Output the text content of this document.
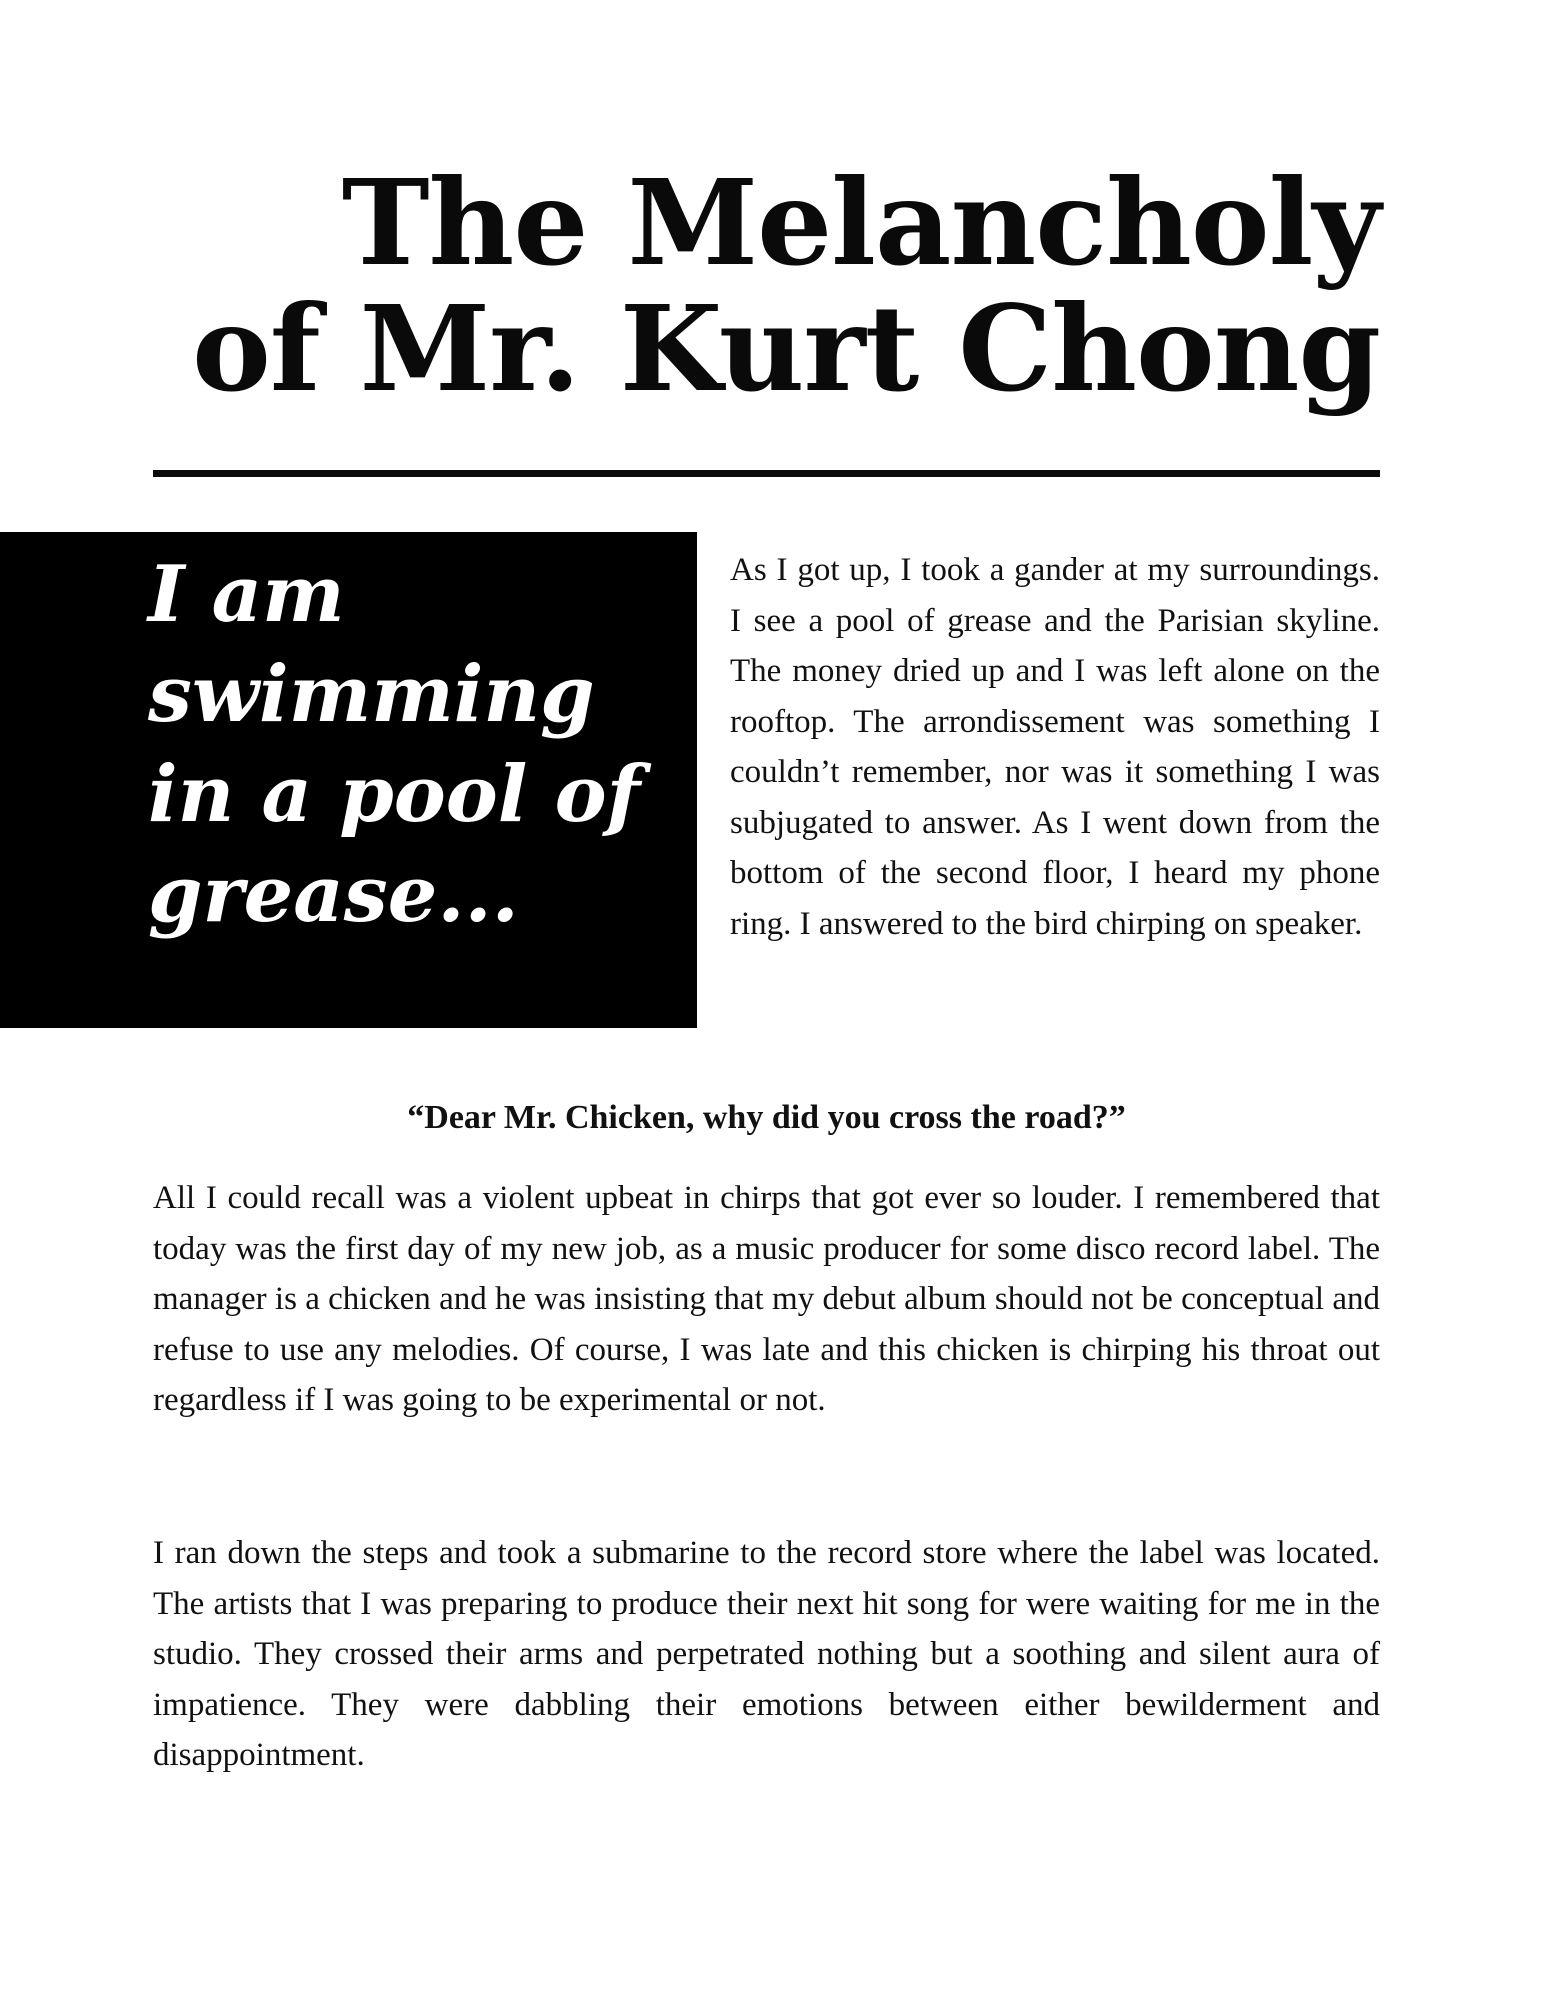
The Melancholy
of Mr. Kurt Chong

I am
swimming
in a pool of
grease...

As I got up, I took a gander at my surroundings. I see a pool of grease and the Parisian skyline. The money dried up and I was left alone on the rooftop. The arrondissement was something I couldn’t remember, nor was it something I was subjugated to answer. As I went down from the bottom of the second floor, I heard my phone ring. I answered to the bird chirping on speaker.

“Dear Mr. Chicken, why did you cross the road?”

All I could recall was a violent upbeat in chirps that got ever so louder. I remembered that today was the first day of my new job, as a music producer for some disco record label. The manager is a chicken and he was insisting that my debut album should not be conceptual and refuse to use any melodies. Of course, I was late and this chicken is chirping his throat out regardless if I was going to be experimental or not.

I ran down the steps and took a submarine to the record store where the label was located. The artists that I was preparing to produce their next hit song for were waiting for me in the studio. They crossed their arms and perpetrated nothing but a soothing and silent aura of impatience. They were dabbling their emotions between either bewilderment and disappointment.
